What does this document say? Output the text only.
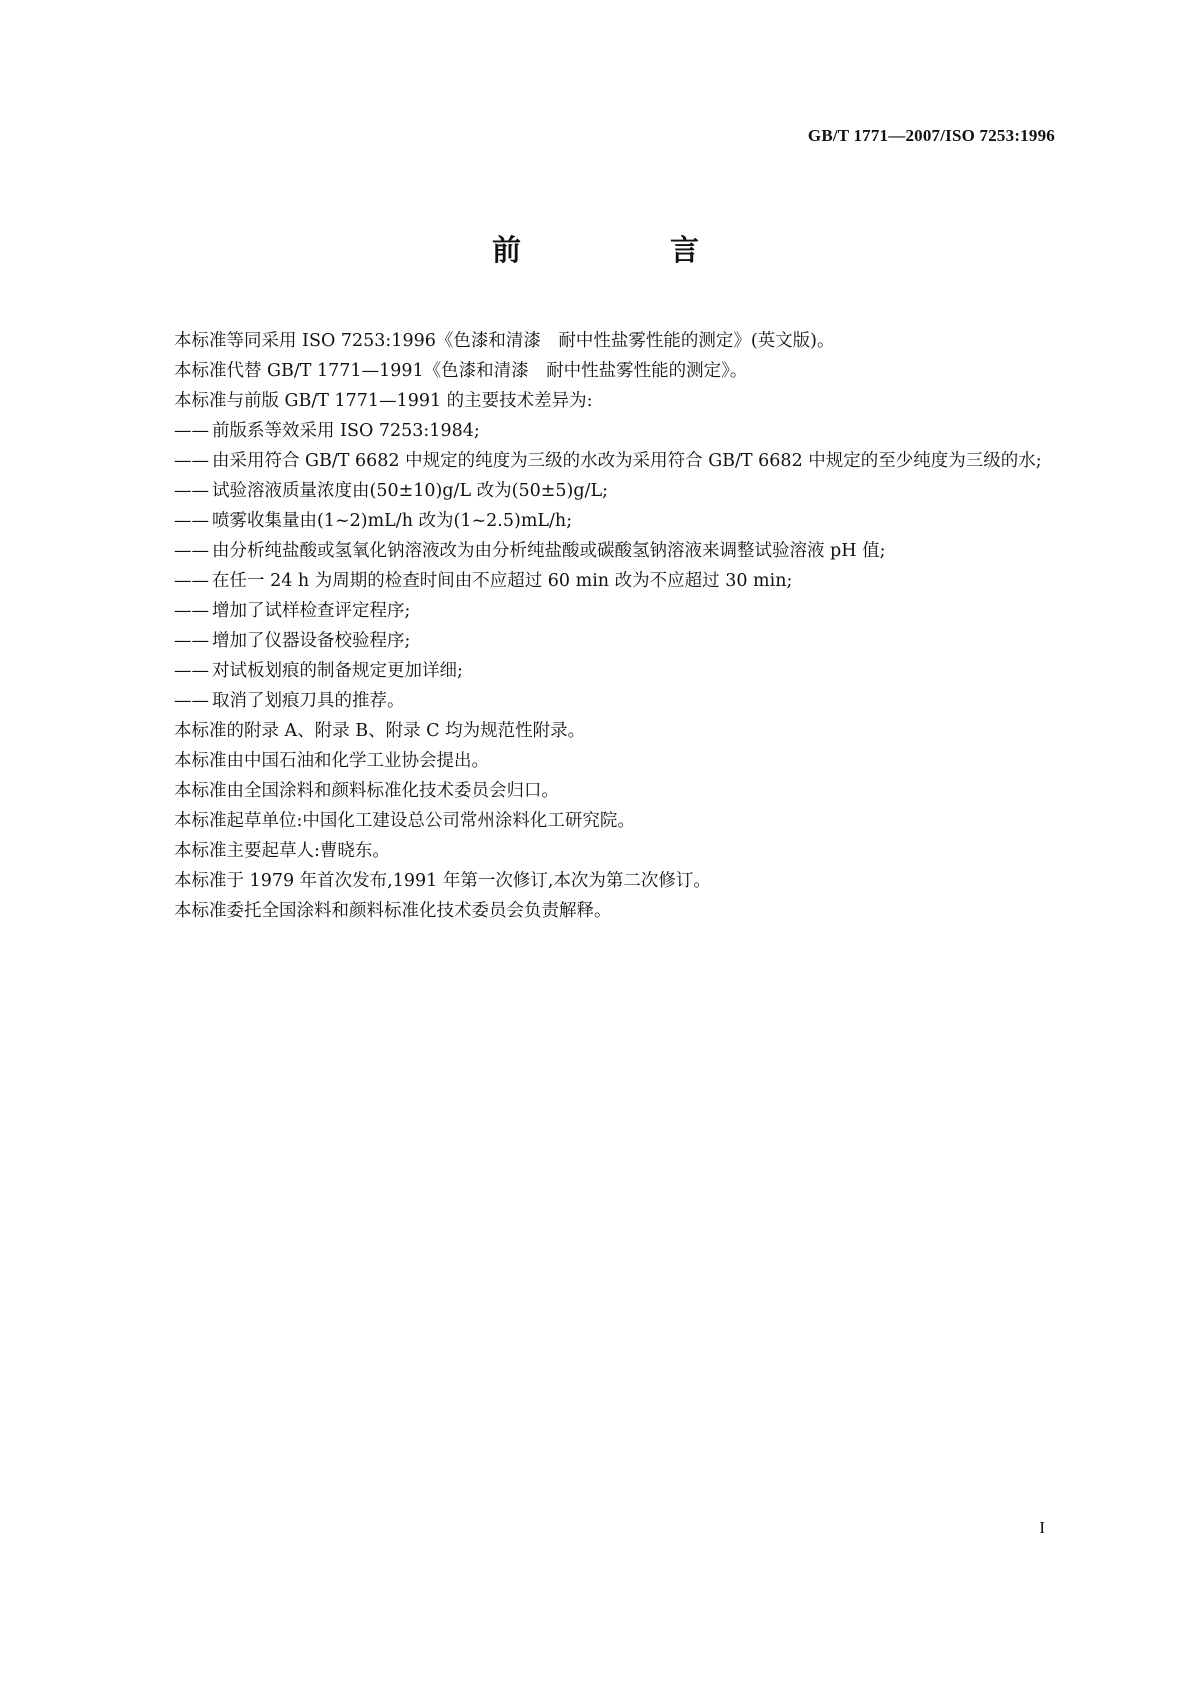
GB/T 1771—2007/ISO 7253:1996
前　言

本标准等同采用 ISO 7253:1996《色漆和清漆　耐中性盐雾性能的测定》(英文版)。

本标准代替 GB/T 1771—1991《色漆和清漆　耐中性盐雾性能的测定》。

本标准与前版 GB/T 1771—1991 的主要技术差异为:

—— 前版系等效采用 ISO 7253:1984;
—— 由采用符合 GB/T 6682 中规定的纯度为三级的水改为采用符合 GB/T 6682 中规定的至少纯度为三级的水;
—— 试验溶液质量浓度由(50±10)g/L 改为(50±5)g/L;
—— 喷雾收集量由(1~2)mL/h 改为(1~2.5)mL/h;
—— 由分析纯盐酸或氢氧化钠溶液改为由分析纯盐酸或碳酸氢钠溶液来调整试验溶液 pH 值;
—— 在任一 24 h 为周期的检查时间由不应超过 60 min 改为不应超过 30 min;
—— 增加了试样检查评定程序;
—— 增加了仪器设备校验程序;
—— 对试板划痕的制备规定更加详细;
—— 取消了划痕刀具的推荐。

本标准的附录 A、附录 B、附录 C 均为规范性附录。

本标准由中国石油和化学工业协会提出。

本标准由全国涂料和颜料标准化技术委员会归口。

本标准起草单位:中国化工建设总公司常州涂料化工研究院。

本标准主要起草人:曹晓东。

本标准于 1979 年首次发布,1991 年第一次修订,本次为第二次修订。

本标准委托全国涂料和颜料标准化技术委员会负责解释。

I
